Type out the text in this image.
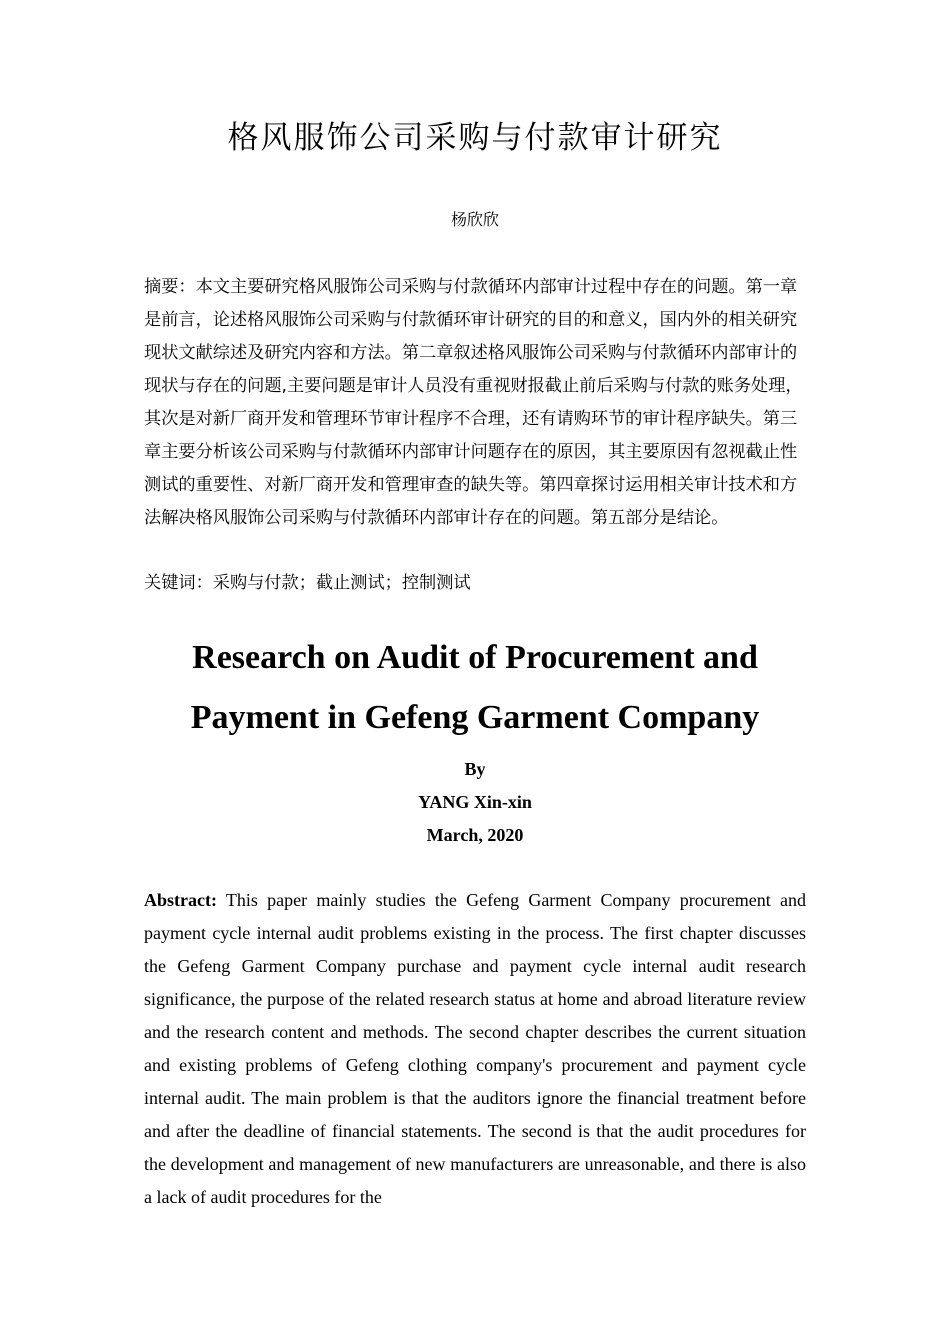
格风服饰公司采购与付款审计研究
杨欣欣
摘要：本文主要研究格风服饰公司采购与付款循环内部审计过程中存在的问题。第一章是前言，论述格风服饰公司采购与付款循环审计研究的目的和意义，国内外的相关研究现状文献综述及研究内容和方法。第二章叙述格风服饰公司采购与付款循环内部审计的现状与存在的问题,主要问题是审计人员没有重视财报截止前后采购与付款的账务处理，其次是对新厂商开发和管理环节审计程序不合理，还有请购环节的审计程序缺失。第三章主要分析该公司采购与付款循环内部审计问题存在的原因，其主要原因有忽视截止性测试的重要性、对新厂商开发和管理审查的缺失等。第四章探讨运用相关审计技术和方法解决格风服饰公司采购与付款循环内部审计存在的问题。第五部分是结论。
关键词：采购与付款；截止测试；控制测试
Research on Audit of Procurement and
Payment in Gefeng Garment Company
By
YANG Xin-xin
March, 2020
Abstract: This paper mainly studies the Gefeng Garment Company procurement and payment cycle internal audit problems existing in the process. The first chapter discusses the Gefeng Garment Company purchase and payment cycle internal audit research significance, the purpose of the related research status at home and abroad literature review and the research content and methods. The second chapter describes the current situation and existing problems of Gefeng clothing company's procurement and payment cycle internal audit. The main problem is that the auditors ignore the financial treatment before and after the deadline of financial statements. The second is that the audit procedures for the development and management of new manufacturers are unreasonable, and there is also a lack of audit procedures for the
